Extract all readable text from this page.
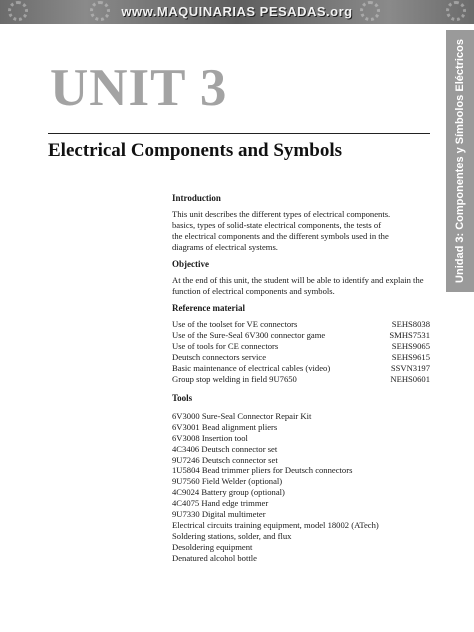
www.MAQUINARIAS PESADAS.org
Unidad 3: Componentes y Símbolos Eléctricos
UNIT 3
Electrical Components and Symbols
Introduction

This unit describes the different types of electrical components.

basics, types of solid-state electrical components, the tests of

the electrical components and the different symbols used in the

diagrams of electrical systems.

Objective

At the end of this unit, the student will be able to identify and explain the

function of electrical components and symbols.

Reference material
Use of the toolset for VE connectors	SEHS8038
Use of the Sure-Seal 6V300 connector game	SMHS7531
Use of tools for CE connectors	SEHS9065
Deutsch connectors service	SEHS9615
Basic maintenance of electrical cables (video)	SSVN3197
Group stop welding in field 9U7650	NEHS0601
Tools
6V3000 Sure-Seal Connector Repair Kit
6V3001 Bead alignment pliers
6V3008 Insertion tool
4C3406 Deutsch connector set
9U7246 Deutsch connector set
1U5804 Bead trimmer pliers for Deutsch connectors
9U7560 Field Welder (optional)
4C9024 Battery group (optional)
4C4075 Hand edge trimmer
9U7330 Digital multimeter
Electrical circuits training equipment, model 18002 (ATech)
Soldering stations, solder, and flux
Desoldering equipment
Denatured alcohol bottle
